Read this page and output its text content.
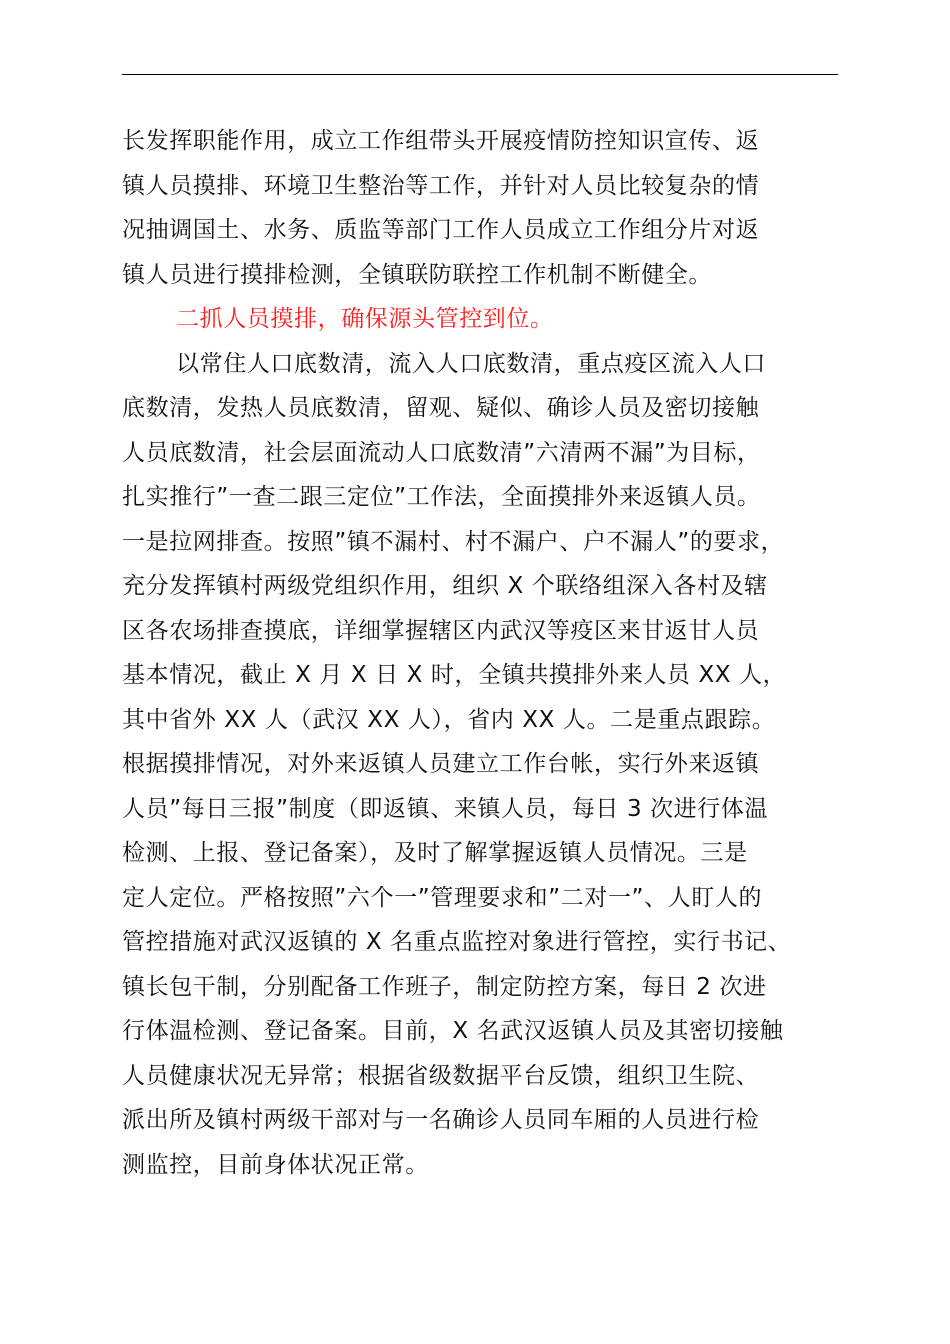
长发挥职能作用，成立工作组带头开展疫情防控知识宣传、返
镇人员摸排、环境卫生整治等工作，并针对人员比较复杂的情
况抽调国土、水务、质监等部门工作人员成立工作组分片对返
镇人员进行摸排检测，全镇联防联控工作机制不断健全。
二抓人员摸排，确保源头管控到位。
以常住人口底数清，流入人口底数清，重点疫区流入人口
底数清，发热人员底数清，留观、疑似、确诊人员及密切接触
人员底数清，社会层面流动人口底数清”六清两不漏”为目标，
扎实推行”一查二跟三定位”工作法，全面摸排外来返镇人员。
一是拉网排查。按照”镇不漏村、村不漏户、户不漏人”的要求，
充分发挥镇村两级党组织作用，组织 X 个联络组深入各村及辖
区各农场排查摸底，详细掌握辖区内武汉等疫区来甘返甘人员
基本情况，截止 X 月 X 日 X 时，全镇共摸排外来人员 XX 人，
其中省外 XX 人（武汉 XX 人），省内 XX 人。二是重点跟踪。
根据摸排情况，对外来返镇人员建立工作台帐，实行外来返镇
人员”每日三报”制度（即返镇、来镇人员，每日 3 次进行体温
检测、上报、登记备案），及时了解掌握返镇人员情况。三是
定人定位。严格按照”六个一”管理要求和”二对一”、人盯人的
管控措施对武汉返镇的 X 名重点监控对象进行管控，实行书记、
镇长包干制，分别配备工作班子，制定防控方案，每日 2 次进
行体温检测、登记备案。目前，X 名武汉返镇人员及其密切接触
人员健康状况无异常；根据省级数据平台反馈，组织卫生院、
派出所及镇村两级干部对与一名确诊人员同车厢的人员进行检
测监控，目前身体状况正常。
